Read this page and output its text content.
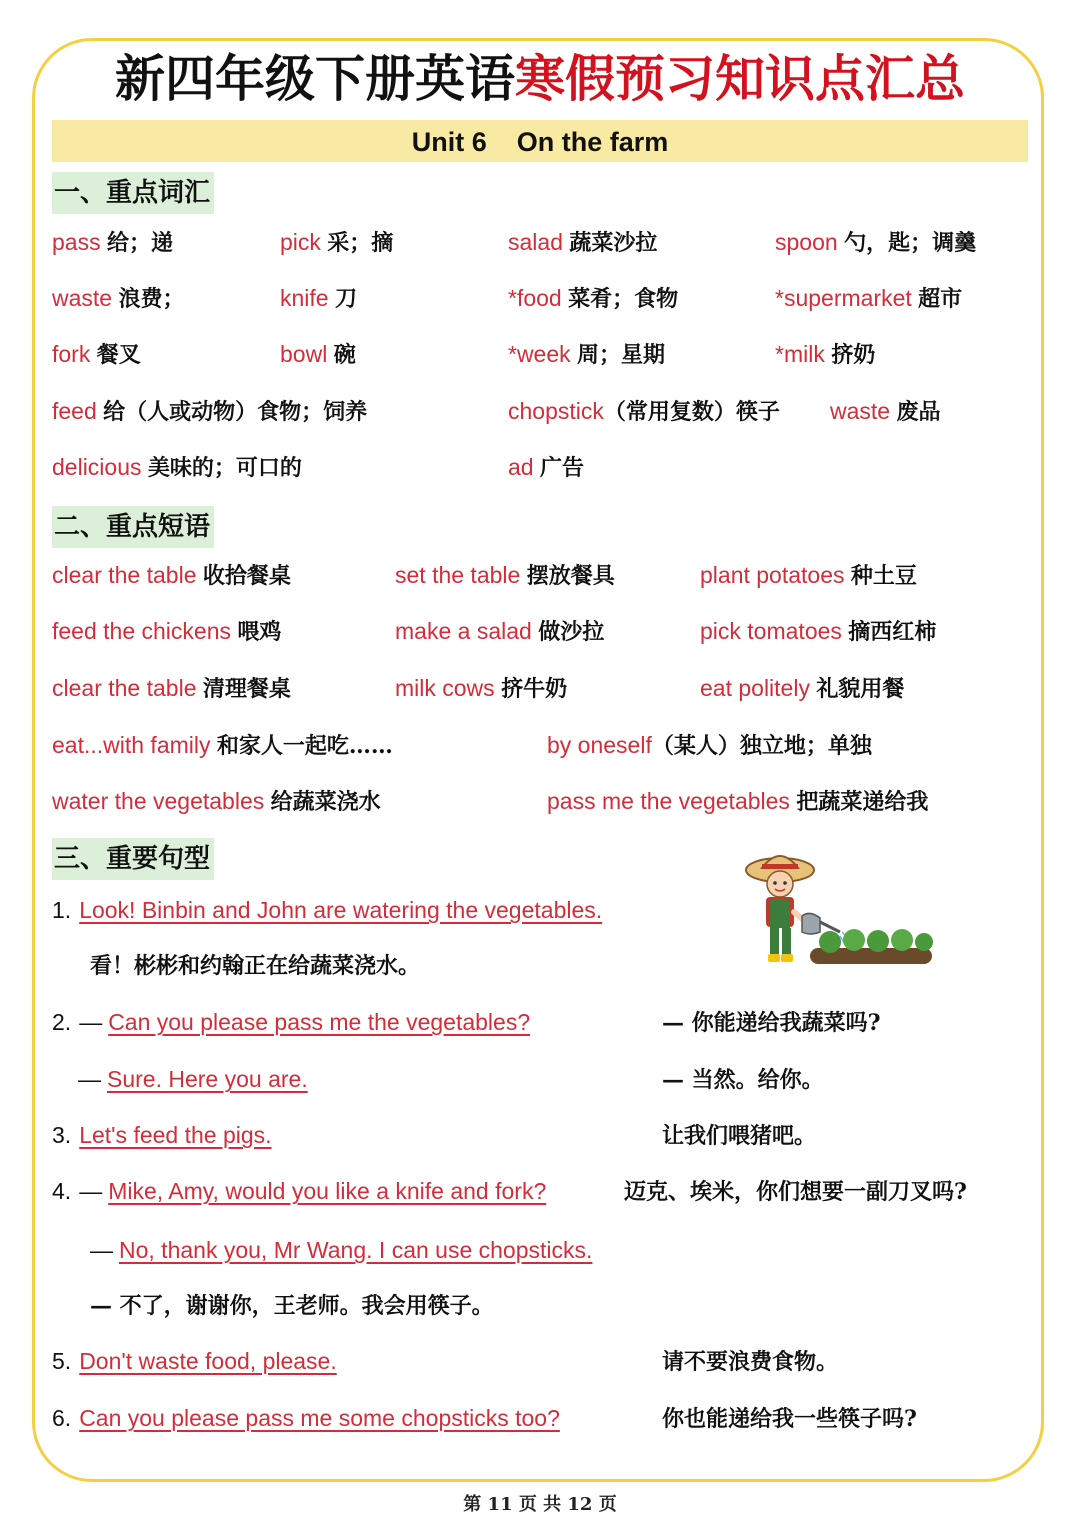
新四年级下册英语寒假预习知识点汇总
Unit 6 On the farm
一、重点词汇
pass 给；递	pick 采；摘	salad 蔬菜沙拉	spoon 勺，匙；调羹
waste 浪费；	knife 刀	*food 菜肴；食物	*supermarket 超市
fork 餐叉	bowl 碗	*week 周；星期	*milk 挤奶
feed 给（人或动物）食物；饲养	chopstick（常用复数）筷子 waste 废品
delicious 美味的；可口的	ad 广告
二、重点短语
clear the table 收拾餐桌	set the table 摆放餐具	plant potatoes 种土豆
feed the chickens 喂鸡	make a salad 做沙拉	pick tomatoes 摘西红柿
clear the table 清理餐桌	milk cows 挤牛奶	eat politely 礼貌用餐
eat...with family 和家人一起吃……	by oneself（某人）独立地；单独
water the vegetables 给蔬菜浇水	pass me the vegetables 把蔬菜递给我
三、重要句型
1. Look! Binbin and John are watering the vegetables.
看！彬彬和约翰正在给蔬菜浇水。
2. — Can you please pass me the vegetables?	— 你能递给我蔬菜吗?
— Sure. Here you are.	— 当然。给你。
3. Let's feed the pigs.	让我们喂猪吧。
4. — Mike, Amy, would you like a knife and fork?	迈克、埃米，你们想要一副刀叉吗?
— No, thank you, Mr Wang. I can use chopsticks.
— 不了，谢谢你，王老师。我会用筷子。
5. Don't waste food, please.	请不要浪费食物。
6. Can you please pass me some chopsticks too?	你也能递给我一些筷子吗?
第 11 页 共 12 页
